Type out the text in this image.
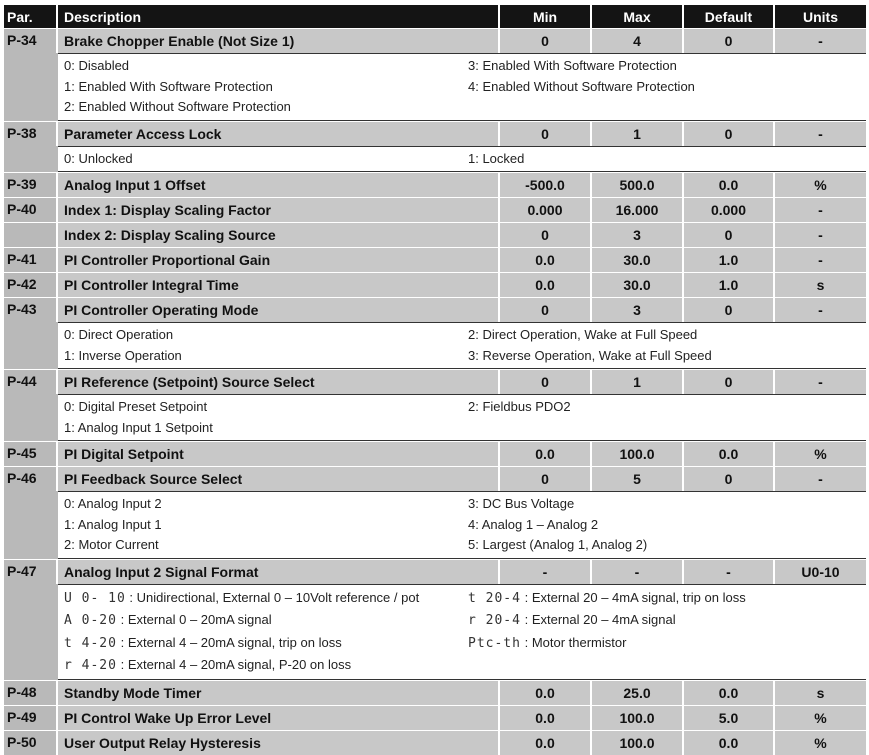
Par.	Description	Min	Max	Default	Units
P-34	Brake Chopper Enable (Not Size 1)	0	4	0	-
0: Disabled
1: Enabled With Software Protection
2: Enabled Without Software Protection
3: Enabled With Software Protection
4: Enabled Without Software Protection
P-38	Parameter Access Lock	0	1	0	-
0: Unlocked	1: Locked
P-39	Analog Input 1 Offset	-500.0	500.0	0.0	%
P-40	Index 1: Display Scaling Factor	0.000	16.000	0.000	-
Index 2: Display Scaling Source	0	3	0	-
P-41	PI Controller Proportional Gain	0.0	30.0	1.0	-
P-42	PI Controller Integral Time	0.0	30.0	1.0	s
P-43	PI Controller Operating Mode	0	3	0	-
0: Direct Operation
1: Inverse Operation
2: Direct Operation, Wake at Full Speed
3: Reverse Operation, Wake at Full Speed
P-44	PI Reference (Setpoint) Source Select	0	1	0	-
0: Digital Preset Setpoint
1: Analog Input 1 Setpoint
2: Fieldbus PDO2
P-45	PI Digital Setpoint	0.0	100.0	0.0	%
P-46	PI Feedback Source Select	0	5	0	-
0: Analog Input 2
1: Analog Input 1
2: Motor Current
3: DC Bus Voltage
4: Analog 1 – Analog 2
5: Largest (Analog 1, Analog 2)
P-47	Analog Input 2 Signal Format	-	-	-	U0-10
U 0- 10 : Unidirectional, External 0 – 10Volt reference / pot
A 0-20 : External 0 – 20mA signal
t 4-20 : External 4 – 20mA signal, trip on loss
r 4-20 : External 4 – 20mA signal, P-20 on loss
t 20-4 : External 20 – 4mA signal, trip on loss
r 20-4 : External 20 – 4mA signal
Ptc-th : Motor thermistor
P-48	Standby Mode Timer	0.0	25.0	0.0	s
P-49	PI Control Wake Up Error Level	0.0	100.0	5.0	%
P-50	User Output Relay Hysteresis	0.0	100.0	0.0	%
